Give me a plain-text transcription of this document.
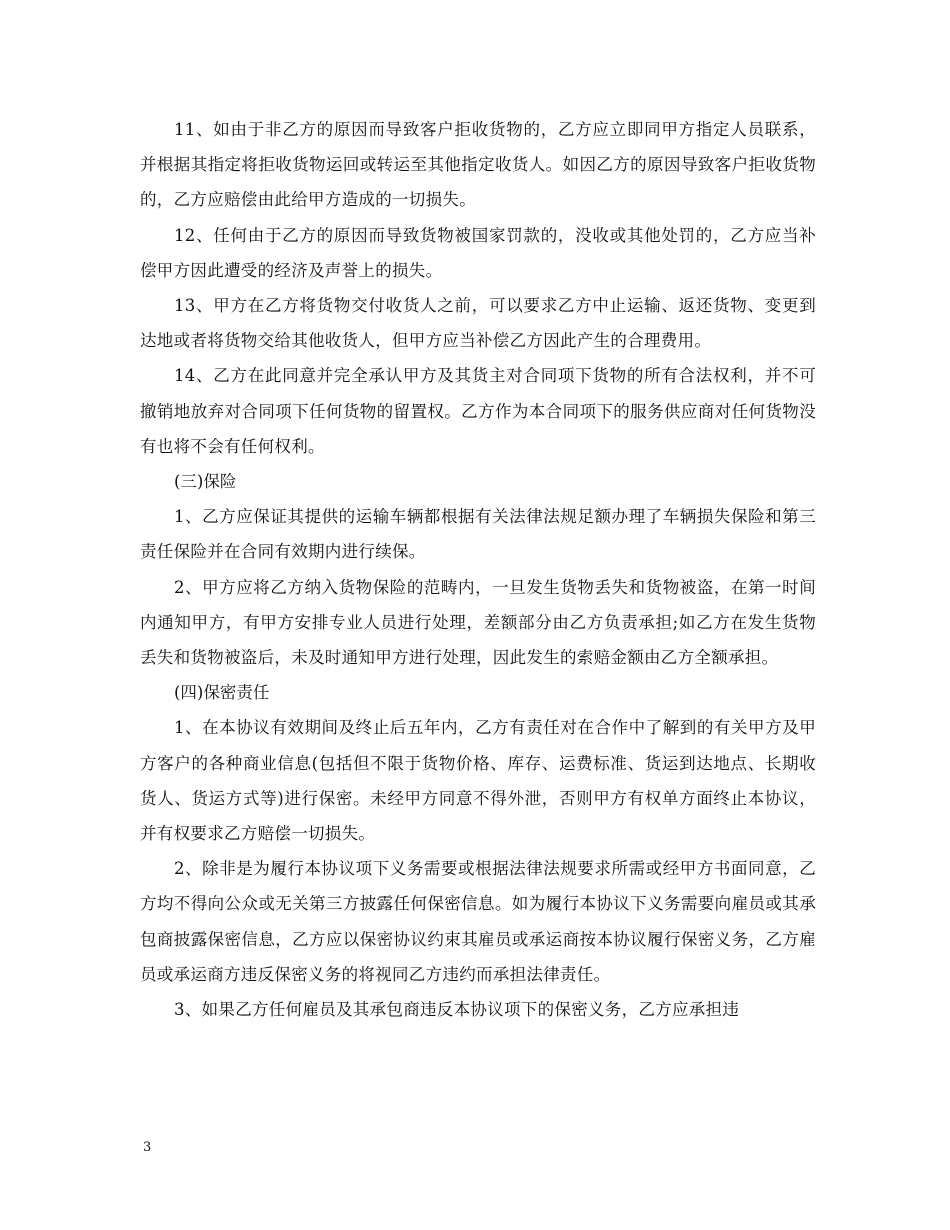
11、如由于非乙方的原因而导致客户拒收货物的，乙方应立即同甲方指定人员联系，并根据其指定将拒收货物运回或转运至其他指定收货人。如因乙方的原因导致客户拒收货物的，乙方应赔偿由此给甲方造成的一切损失。

12、任何由于乙方的原因而导致货物被国家罚款的，没收或其他处罚的，乙方应当补偿甲方因此遭受的经济及声誉上的损失。

13、甲方在乙方将货物交付收货人之前，可以要求乙方中止运输、返还货物、变更到达地或者将货物交给其他收货人，但甲方应当补偿乙方因此产生的合理费用。

14、乙方在此同意并完全承认甲方及其货主对合同项下货物的所有合法权利，并不可撤销地放弃对合同项下任何货物的留置权。乙方作为本合同项下的服务供应商对任何货物没有也将不会有任何权利。

(三)保险

1、乙方应保证其提供的运输车辆都根据有关法律法规足额办理了车辆损失保险和第三责任保险并在合同有效期内进行续保。

2、甲方应将乙方纳入货物保险的范畴内，一旦发生货物丢失和货物被盗，在第一时间内通知甲方，有甲方安排专业人员进行处理，差额部分由乙方负责承担;如乙方在发生货物丢失和货物被盗后，未及时通知甲方进行处理，因此发生的索赔金额由乙方全额承担。

(四)保密责任

1、在本协议有效期间及终止后五年内，乙方有责任对在合作中了解到的有关甲方及甲方客户的各种商业信息(包括但不限于货物价格、库存、运费标准、货运到达地点、长期收货人、货运方式等)进行保密。未经甲方同意不得外泄，否则甲方有权单方面终止本协议，并有权要求乙方赔偿一切损失。

2、除非是为履行本协议项下义务需要或根据法律法规要求所需或经甲方书面同意，乙方均不得向公众或无关第三方披露任何保密信息。如为履行本协议下义务需要向雇员或其承包商披露保密信息，乙方应以保密协议约束其雇员或承运商按本协议履行保密义务，乙方雇员或承运商方违反保密义务的将视同乙方违约而承担法律责任。

3、如果乙方任何雇员及其承包商违反本协议项下的保密义务，乙方应承担违

3
